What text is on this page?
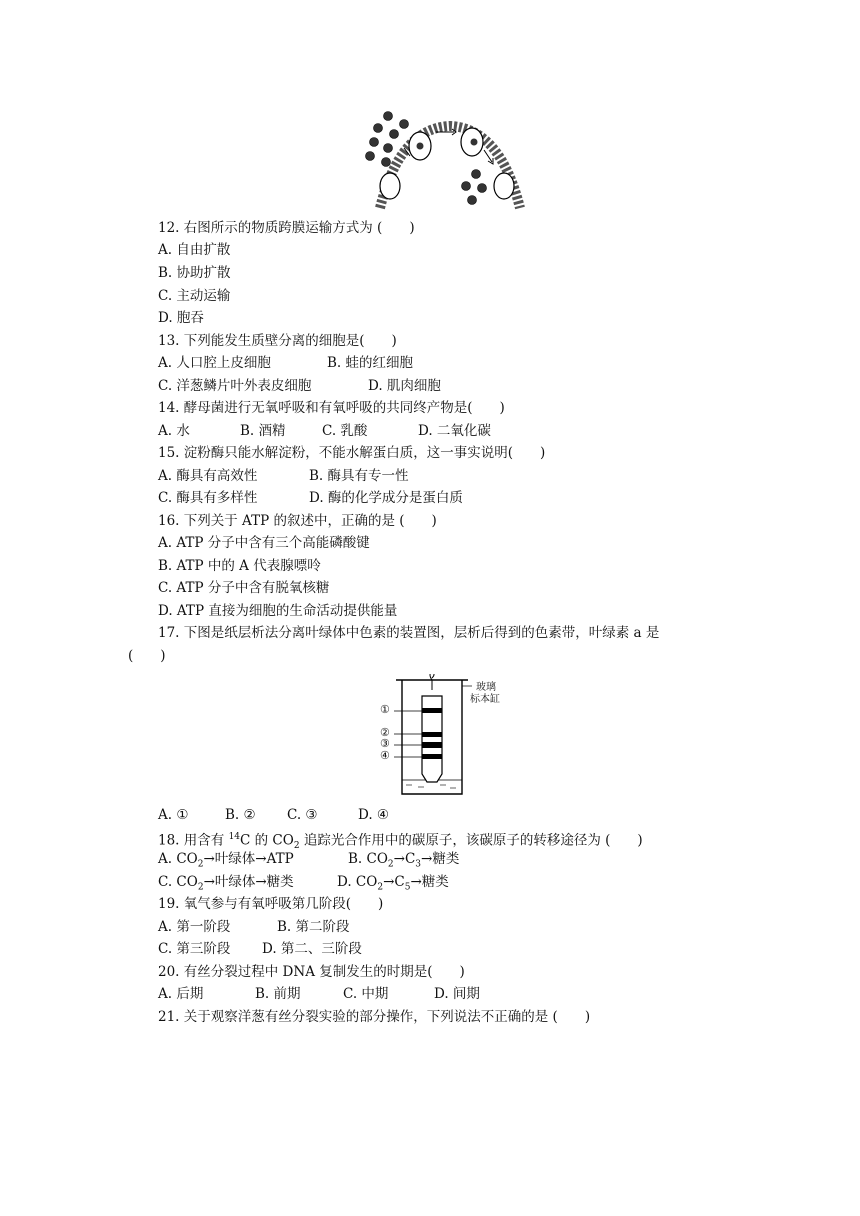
12. 右图所示的物质跨膜运输方式为 (　　)
A. 自由扩散
B. 协助扩散
C. 主动运输
D. 胞吞
13. 下列能发生质壁分离的细胞是(　　)
A. 人口腔上皮细胞	B. 蛙的红细胞
C. 洋葱鳞片叶外表皮细胞	D. 肌肉细胞
14. 酵母菌进行无氧呼吸和有氧呼吸的共同终产物是(　　)
A. 水	B. 酒精	C. 乳酸	D. 二氧化碳
15. 淀粉酶只能水解淀粉，不能水解蛋白质，这一事实说明(　　)
A. 酶具有高效性	B. 酶具有专一性
C. 酶具有多样性	D. 酶的化学成分是蛋白质
16. 下列关于 ATP 的叙述中，正确的是 (　　)
A. ATP 分子中含有三个高能磷酸键
B. ATP 中的 A 代表腺嘌呤
C. ATP 分子中含有脱氧核糖
D. ATP 直接为细胞的生命活动提供能量
17. 下图是纸层析法分离叶绿体中色素的装置图，层析后得到的色素带，叶绿素 a 是
(　　)
①
②
③
④
玻璃
标本缸
A. ①	B. ② C. ③	D. ④
18. 用含有 $^{14}$C 的 $CO_2$ 追踪光合作用中的碳原子，该碳原子的转移途径为 (　　)
A. $CO_2\to$叶绿体→ATP	B. $CO_2\to C_3\to$糖类
C. $CO_2\to$叶绿体→糖类	D. $CO_2\to C_5\to$糖类
19. 氧气参与有氧呼吸第几阶段(　　)
A. 第一阶段	B. 第二阶段
C. 第三阶段 D. 第二、三阶段
20. 有丝分裂过程中 DNA 复制发生的时期是(　　)
A. 后期	B. 前期	C. 中期	D. 间期
21. 关于观察洋葱有丝分裂实验的部分操作，下列说法不正确的是 (　　)
